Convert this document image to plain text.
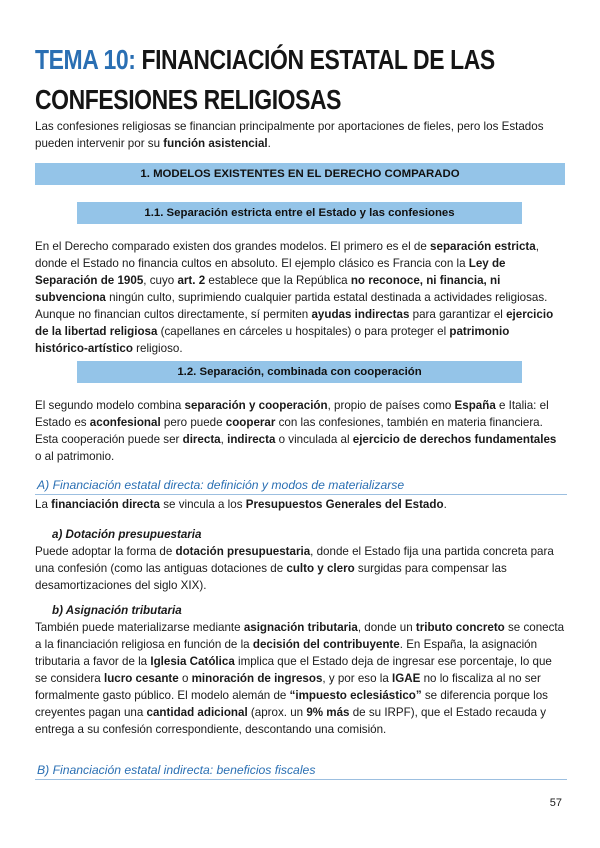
TEMA 10: FINANCIACIÓN ESTATAL DE LAS CONFESIONES RELIGIOSAS

Las confesiones religiosas se financian principalmente por aportaciones de fieles, pero los Estados pueden intervenir por su función asistencial.

1. MODELOS EXISTENTES EN EL DERECHO COMPARADO
1.1. Separación estricta entre el Estado y las confesiones

En el Derecho comparado existen dos grandes modelos. El primero es el de separación estricta, donde el Estado no financia cultos en absoluto. El ejemplo clásico es Francia con la Ley de Separación de 1905, cuyo art. 2 establece que la República no reconoce, ni financia, ni subvenciona ningún culto, suprimiendo cualquier partida estatal destinada a actividades religiosas. Aunque no financian cultos directamente, sí permiten ayudas indirectas para garantizar el ejercicio de la libertad religiosa (capellanes en cárceles u hospitales) o para proteger el patrimonio histórico-artístico religioso.

1.2. Separación, combinada con cooperación

El segundo modelo combina separación y cooperación, propio de países como España e Italia: el Estado es aconfesional pero puede cooperar con las confesiones, también en materia financiera. Esta cooperación puede ser directa, indirecta o vinculada al ejercicio de derechos fundamentales o al patrimonio.

A) Financiación estatal directa: definición y modos de materializarse

La financiación directa se vincula a los Presupuestos Generales del Estado.

a) Dotación presupuestaria

Puede adoptar la forma de dotación presupuestaria, donde el Estado fija una partida concreta para una confesión (como las antiguas dotaciones de culto y clero surgidas para compensar las desamortizaciones del siglo XIX).

b) Asignación tributaria

También puede materializarse mediante asignación tributaria, donde un tributo concreto se conecta a la financiación religiosa en función de la decisión del contribuyente. En España, la asignación tributaria a favor de la Iglesia Católica implica que el Estado deja de ingresar ese porcentaje, lo que se considera lucro cesante o minoración de ingresos, y por eso la IGAE no lo fiscaliza al no ser formalmente gasto público. El modelo alemán de “impuesto eclesiástico” se diferencia porque los creyentes pagan una cantidad adicional (aprox. un 9% más de su IRPF), que el Estado recauda y entrega a su confesión correspondiente, descontando una comisión.

B) Financiación estatal indirecta: beneficios fiscales
57
